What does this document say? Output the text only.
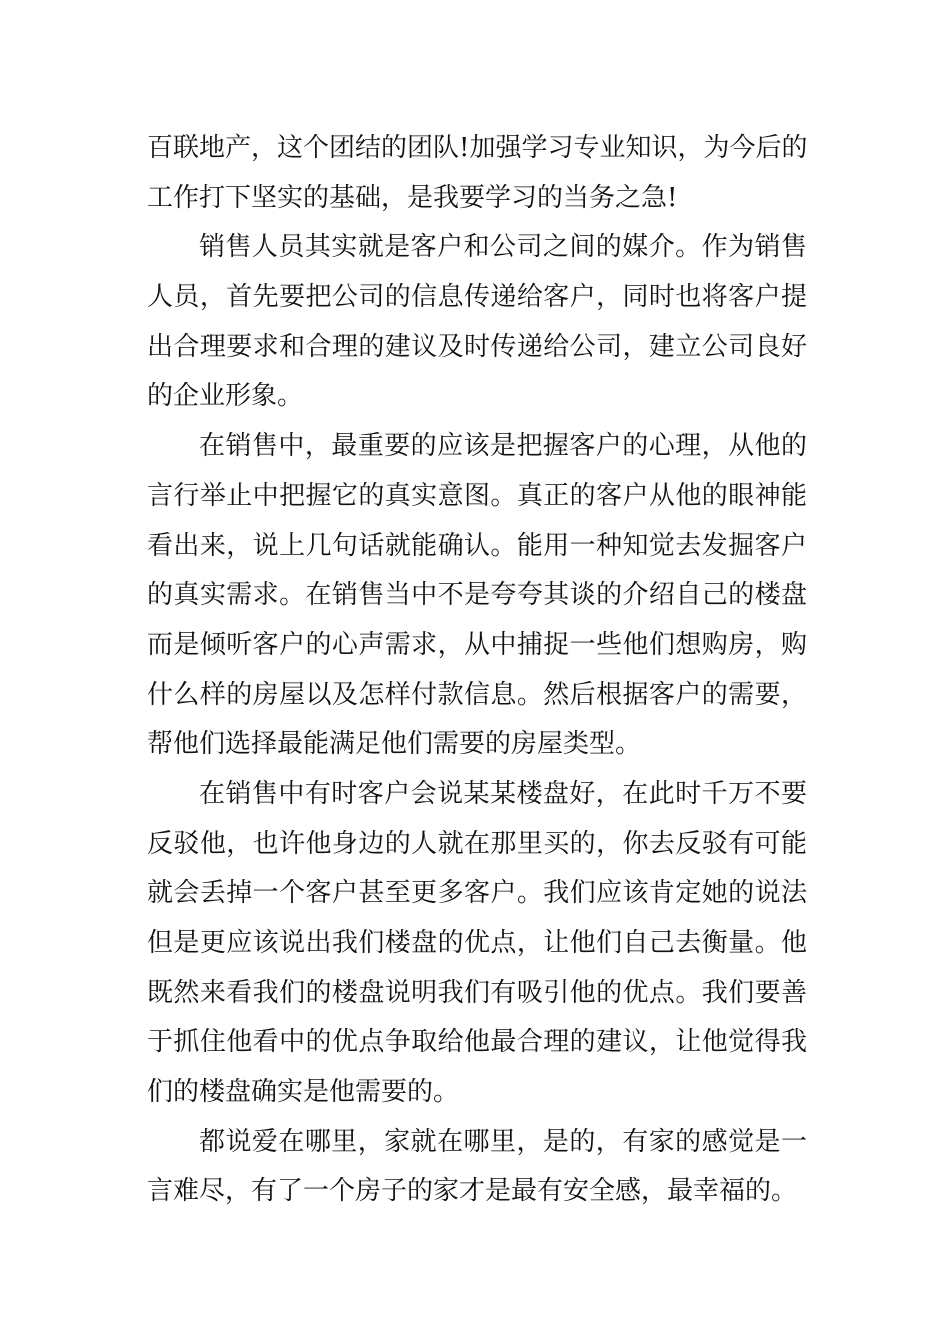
百联地产，这个团结的团队!加强学习专业知识，为今后的
工作打下坚实的基础，是我要学习的当务之急!
销售人员其实就是客户和公司之间的媒介。作为销售
人员，首先要把公司的信息传递给客户，同时也将客户提
出合理要求和合理的建议及时传递给公司，建立公司良好
的企业形象。
在销售中，最重要的应该是把握客户的心理，从他的
言行举止中把握它的真实意图。真正的客户从他的眼神能
看出来，说上几句话就能确认。能用一种知觉去发掘客户
的真实需求。在销售当中不是夸夸其谈的介绍自己的楼盘
而是倾听客户的心声需求，从中捕捉一些他们想购房，购
什么样的房屋以及怎样付款信息。然后根据客户的需要，
帮他们选择最能满足他们需要的房屋类型。
在销售中有时客户会说某某楼盘好，在此时千万不要
反驳他，也许他身边的人就在那里买的，你去反驳有可能
就会丢掉一个客户甚至更多客户。我们应该肯定她的说法
但是更应该说出我们楼盘的优点，让他们自己去衡量。他
既然来看我们的楼盘说明我们有吸引他的优点。我们要善
于抓住他看中的优点争取给他最合理的建议，让他觉得我
们的楼盘确实是他需要的。
都说爱在哪里，家就在哪里，是的，有家的感觉是一
言难尽，有了一个房子的家才是最有安全感，最幸福的。
